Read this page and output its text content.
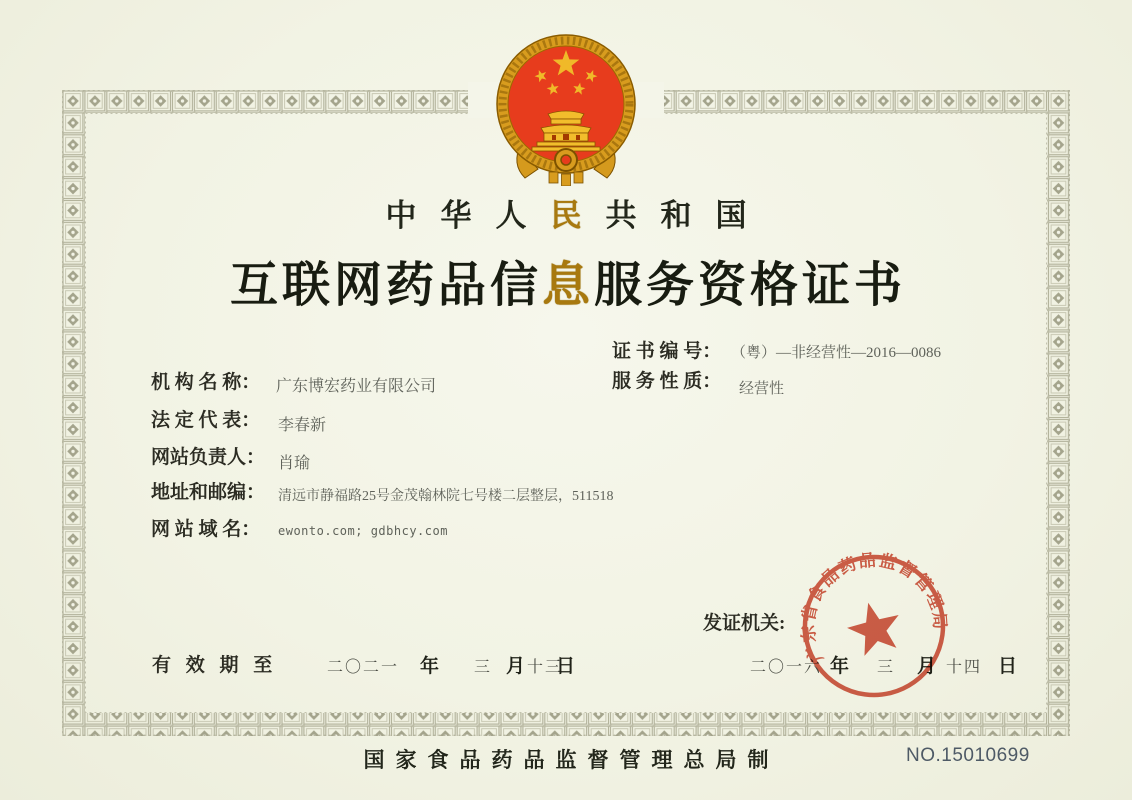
中华人民共和国
互联网药品信息服务资格证书
证 书 编 号： （粤）—非经营性—2016—0086
服 务 性 质： 经营性
机 构 名 称： 广东博宏药业有限公司
法 定 代 表： 李春新
网站负责人： 肖瑜
地址和邮编： 清远市静福路25号金茂翰林院七号楼二层整层，511518
网 站 域 名： ewonto.com; gdbhcy.com
发证机关:
二〇一六 年 三 月 十四 日
有 效 期 至	二〇二一 年 三 月 十三
日
广东省食品药品监督管理局
国家食品药品监督管理总局制	NO.15010699
